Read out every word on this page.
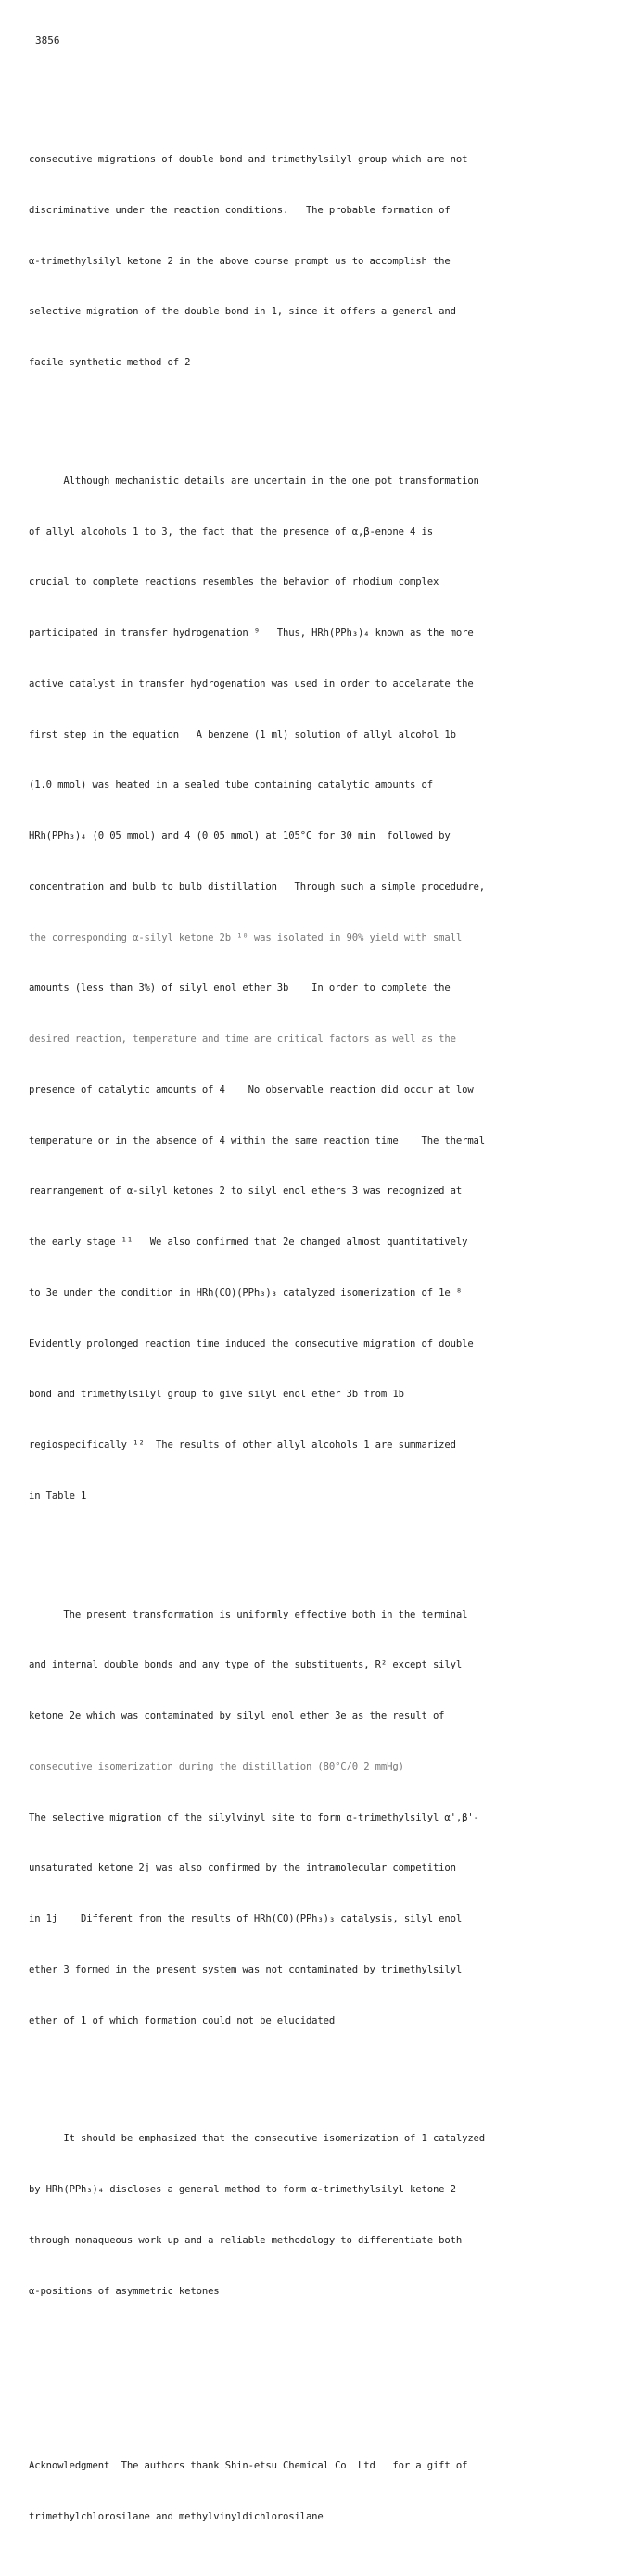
3856

consecutive migrations of double bond and trimethylsilyl group which are not

discriminative under the reaction conditions.   The probable formation of

α-trimethylsilyl ketone 2 in the above course prompt us to accomplish the

selective migration of the double bond in 1, since it offers a general and

facile synthetic method of 2

Although mechanistic details are uncertain in the one pot transformation

of allyl alcohols 1 to 3, the fact that the presence of α,β-enone 4 is

crucial to complete reactions resembles the behavior of rhodium complex

participated in transfer hydrogenation ⁹   Thus, HRh(PPh₃)₄ known as the more

active catalyst in transfer hydrogenation was used in order to accelarate the

first step in the equation   A benzene (1 ml) solution of allyl alcohol 1b

(1.0 mmol) was heated in a sealed tube containing catalytic amounts of

HRh(PPh₃)₄ (0 05 mmol) and 4 (0 05 mmol) at 105°C for 30 min  followed by

concentration and bulb to bulb distillation   Through such a simple procedudre,

the corresponding α-silyl ketone 2b ¹⁰ was isolated in 90% yield with small

amounts (less than 3%) of silyl enol ether 3b    In order to complete the

desired reaction, temperature and time are critical factors as well as the

presence of catalytic amounts of 4    No observable reaction did occur at low

temperature or in the absence of 4 within the same reaction time    The thermal

rearrangement of α-silyl ketones 2 to silyl enol ethers 3 was recognized at

the early stage ¹¹   We also confirmed that 2e changed almost quantitatively

to 3e under the condition in HRh(CO)(PPh₃)₃ catalyzed isomerization of 1e ⁸

Evidently prolonged reaction time induced the consecutive migration of double

bond and trimethylsilyl group to give silyl enol ether 3b from 1b

regiospecifically ¹²  The results of other allyl alcohols 1 are summarized

in Table 1

The present transformation is uniformly effective both in the terminal

and internal double bonds and any type of the substituents, R² except silyl

ketone 2e which was contaminated by silyl enol ether 3e as the result of

consecutive isomerization during the distillation (80°C/0 2 mmHg)

The selective migration of the silylvinyl site to form α-trimethylsilyl α',β'-

unsaturated ketone 2j was also confirmed by the intramolecular competition

in 1j    Different from the results of HRh(CO)(PPh₃)₃ catalysis, silyl enol

ether 3 formed in the present system was not contaminated by trimethylsilyl

ether of 1 of which formation could not be elucidated

It should be emphasized that the consecutive isomerization of 1 catalyzed

by HRh(PPh₃)₄ discloses a general method to form α-trimethylsilyl ketone 2

through nonaqueous work up and a reliable methodology to differentiate both

α-positions of asymmetric ketones

Acknowledgment  The authors thank Shin-etsu Chemical Co  Ltd   for a gift of

trimethylchlorosilane and methylvinyldichlorosilane
